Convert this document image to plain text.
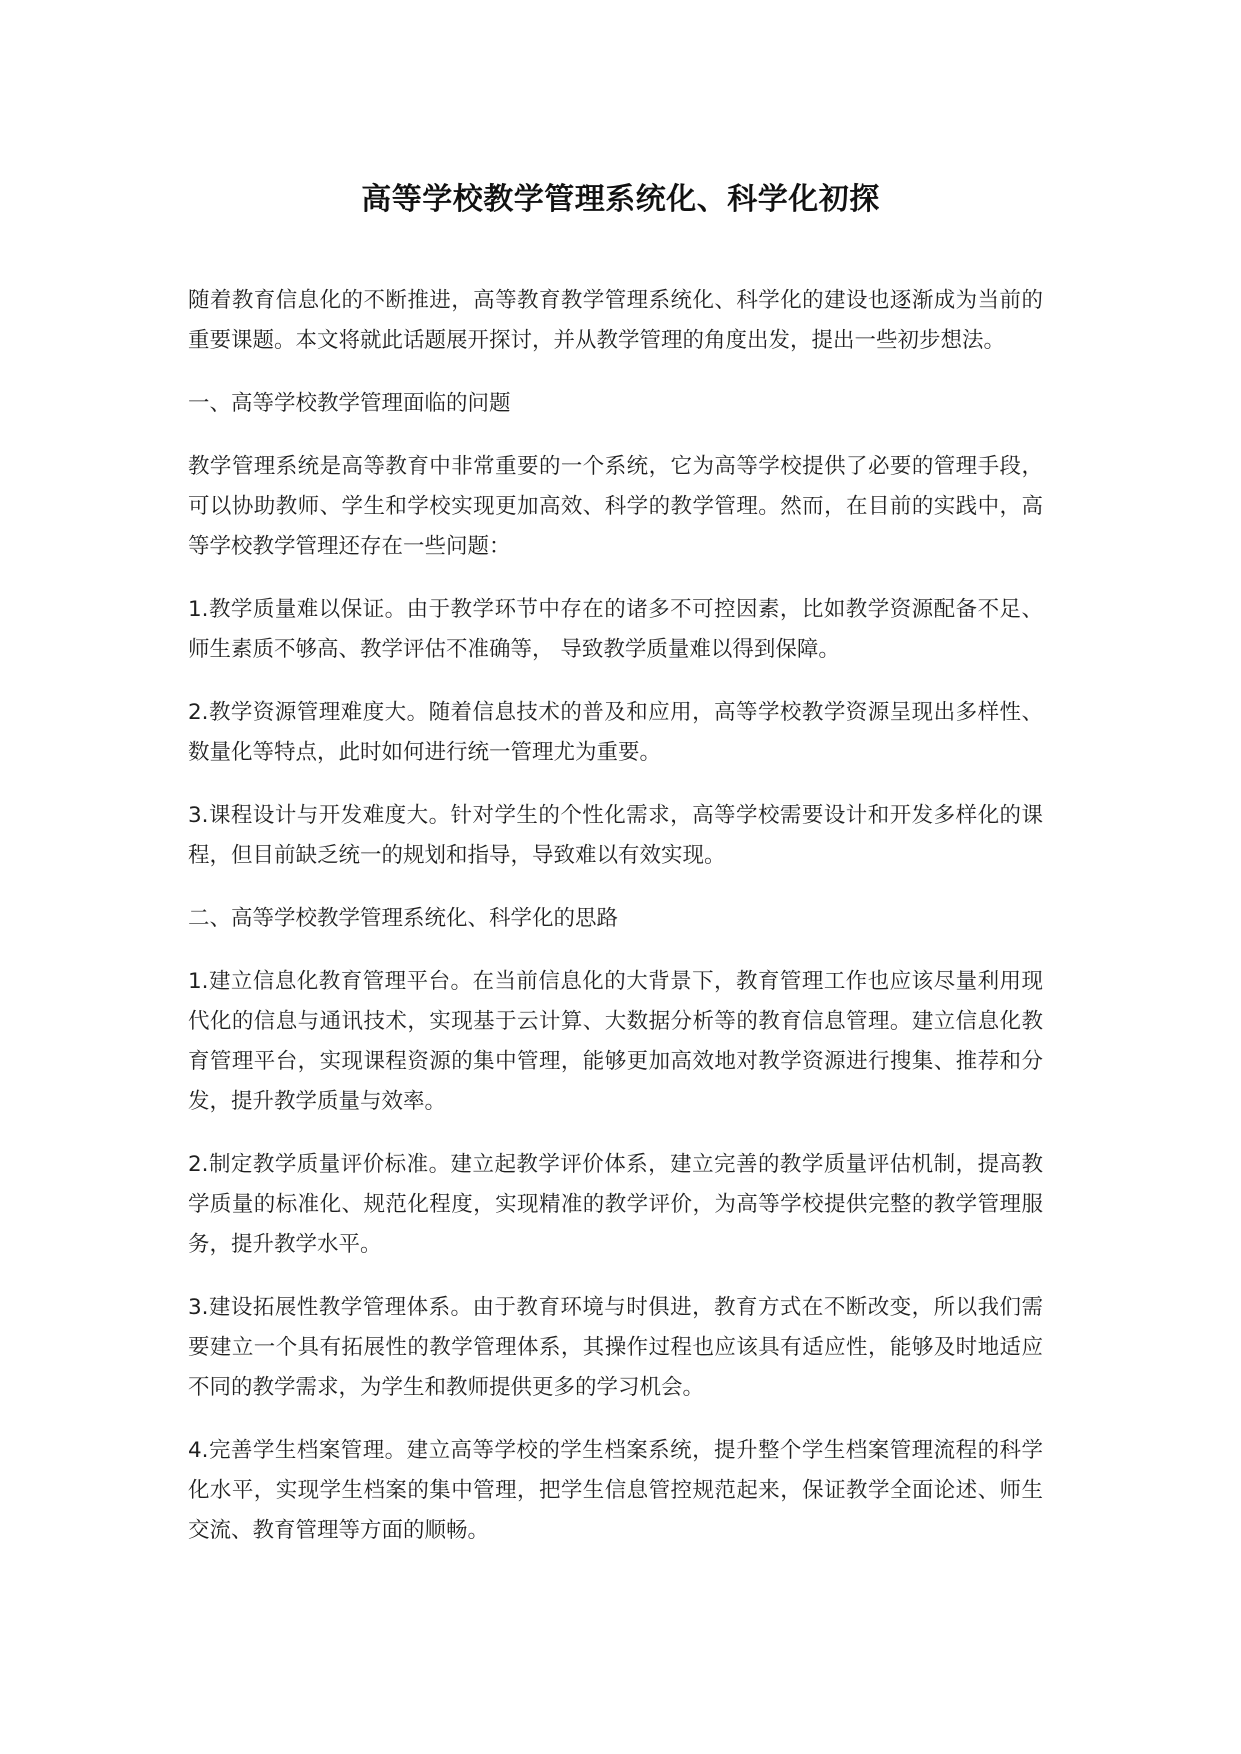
高等学校教学管理系统化、科学化初探

随着教育信息化的不断推进，高等教育教学管理系统化、科学化的建设也逐渐成为当前的重要课题。本文将就此话题展开探讨，并从教学管理的角度出发，提出一些初步想法。

一、高等学校教学管理面临的问题

教学管理系统是高等教育中非常重要的一个系统，它为高等学校提供了必要的管理手段，可以协助教师、学生和学校实现更加高效、科学的教学管理。然而，在目前的实践中，高等学校教学管理还存在一些问题：

1.教学质量难以保证。由于教学环节中存在的诸多不可控因素，比如教学资源配备不足、师生素质不够高、教学评估不准确等， 导致教学质量难以得到保障。

2.教学资源管理难度大。随着信息技术的普及和应用，高等学校教学资源呈现出多样性、数量化等特点，此时如何进行统一管理尤为重要。

3.课程设计与开发难度大。针对学生的个性化需求，高等学校需要设计和开发多样化的课程，但目前缺乏统一的规划和指导，导致难以有效实现。

二、高等学校教学管理系统化、科学化的思路

1.建立信息化教育管理平台。在当前信息化的大背景下，教育管理工作也应该尽量利用现代化的信息与通讯技术，实现基于云计算、大数据分析等的教育信息管理。建立信息化教育管理平台，实现课程资源的集中管理，能够更加高效地对教学资源进行搜集、推荐和分发，提升教学质量与效率。

2.制定教学质量评价标准。建立起教学评价体系，建立完善的教学质量评估机制，提高教学质量的标准化、规范化程度，实现精准的教学评价，为高等学校提供完整的教学管理服务，提升教学水平。

3.建设拓展性教学管理体系。由于教育环境与时俱进，教育方式在不断改变，所以我们需要建立一个具有拓展性的教学管理体系，其操作过程也应该具有适应性，能够及时地适应不同的教学需求，为学生和教师提供更多的学习机会。

4.完善学生档案管理。建立高等学校的学生档案系统，提升整个学生档案管理流程的科学化水平，实现学生档案的集中管理，把学生信息管控规范起来，保证教学全面论述、师生交流、教育管理等方面的顺畅。
